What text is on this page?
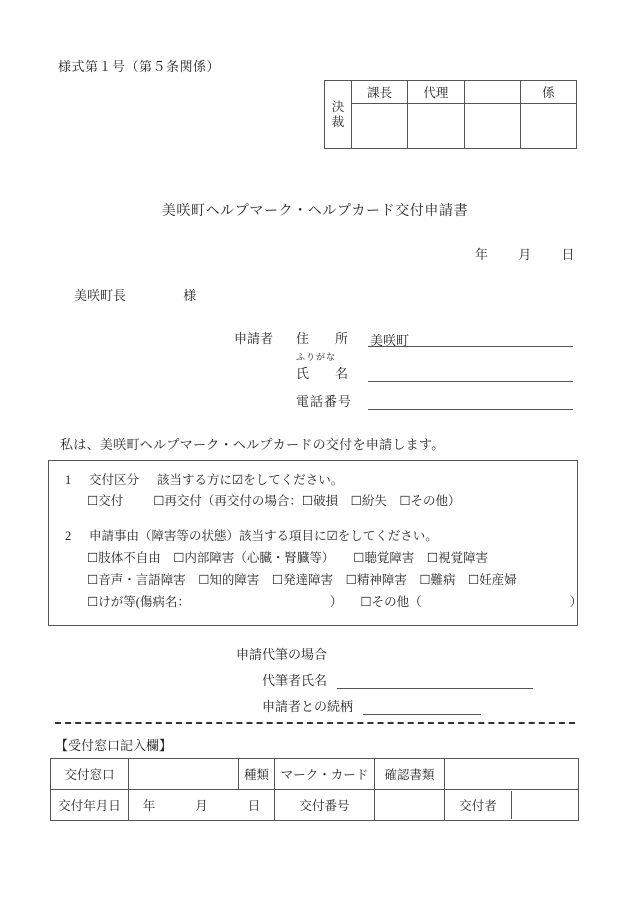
様式第１号（第５条関係）
決
裁	課長	代理		係

美咲町ヘルプマーク・ヘルプカード交付申請書
年 月 日
美咲町長	様
申請者	住　　所	美咲町
ふりがな
氏　　名
電話番号
私は、美咲町ヘルプマーク・ヘルプカードの交付を申請します。
1 交付区分 該当する方に☑をしてください。
☐交付 ☐再交付（再交付の場合：☐破損　☐紛失　☐その他）
2 申請事由（障害等の状態）該当する項目に☑をしてください。
☐肢体不自由　☐内部障害（心臓・腎臓等）　　☐聴覚障害　☐視覚障害
☐音声・言語障害　☐知的障害　☐発達障害　☐精神障害　☐難病　☐妊産婦
☐けが等(傷病名：	） ☐その他（	）
申請代筆の場合
代筆者氏名
申請者との続柄
【受付窓口記入欄】
交付窓口		種類	マーク・カード	確認書類	
交付年月日	年	月	日	交付番号			交付者	
